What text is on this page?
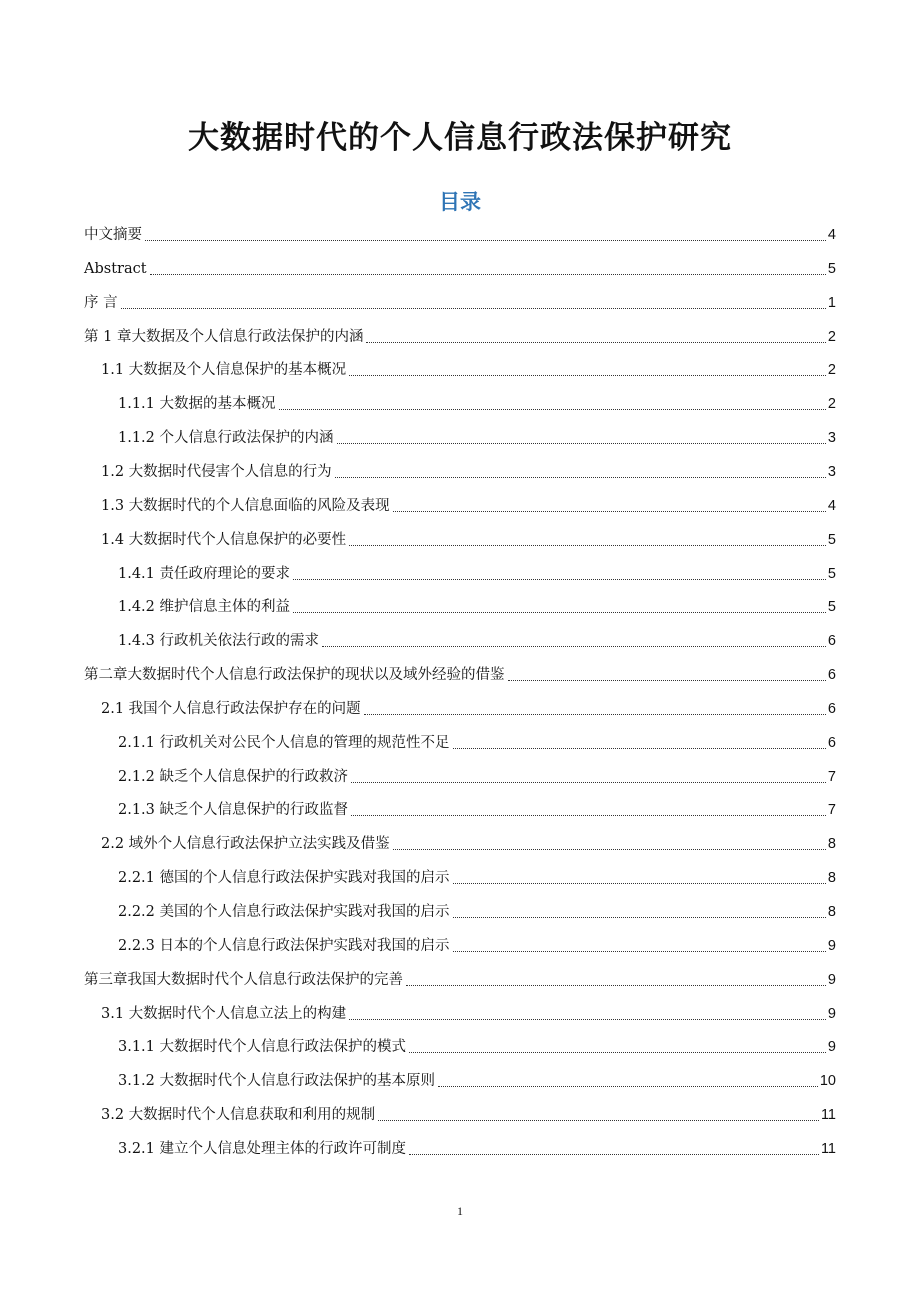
大数据时代的个人信息行政法保护研究
目录
中文摘要	4
Abstract	5
序 言	1
第 1 章大数据及个人信息行政法保护的内涵	2
1.1 大数据及个人信息保护的基本概况	2
1.1.1 大数据的基本概况	2
1.1.2 个人信息行政法保护的内涵	3
1.2 大数据时代侵害个人信息的行为	3
1.3 大数据时代的个人信息面临的风险及表现	4
1.4 大数据时代个人信息保护的必要性	5
1.4.1 责任政府理论的要求	5
1.4.2 维护信息主体的利益	5
1.4.3 行政机关依法行政的需求	6
第二章大数据时代个人信息行政法保护的现状以及域外经验的借鉴	6
2.1 我国个人信息行政法保护存在的问题	6
2.1.1 行政机关对公民个人信息的管理的规范性不足	6
2.1.2 缺乏个人信息保护的行政救济	7
2.1.3 缺乏个人信息保护的行政监督	7
2.2 域外个人信息行政法保护立法实践及借鉴	8
2.2.1 德国的个人信息行政法保护实践对我国的启示	8
2.2.2 美国的个人信息行政法保护实践对我国的启示	8
2.2.3 日本的个人信息行政法保护实践对我国的启示	9
第三章我国大数据时代个人信息行政法保护的完善	9
3.1 大数据时代个人信息立法上的构建	9
3.1.1 大数据时代个人信息行政法保护的模式	9
3.1.2 大数据时代个人信息行政法保护的基本原则	10
3.2 大数据时代个人信息获取和利用的规制	11
3.2.1 建立个人信息处理主体的行政许可制度	11
1
